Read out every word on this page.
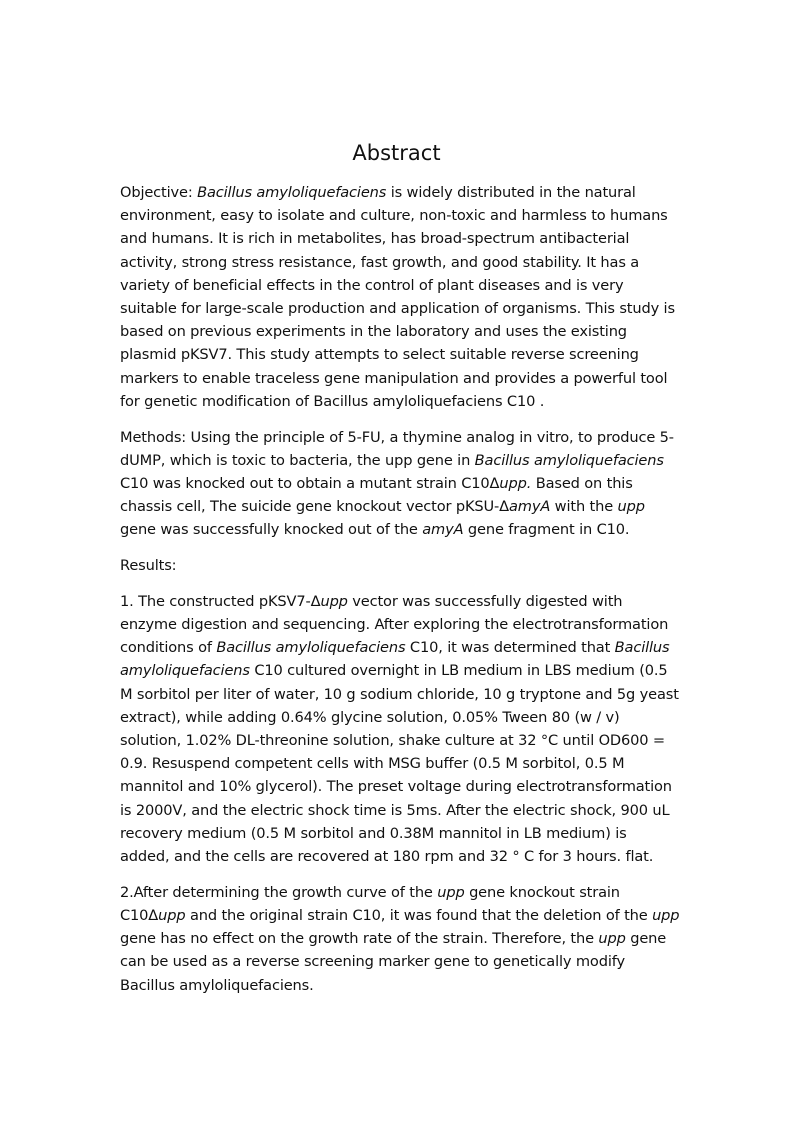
Abstract

Objective: Bacillus amyloliquefaciens is widely distributed in the natural environment, easy to isolate and culture, non-toxic and harmless to humans and humans. It is rich in metabolites, has broad-spectrum antibacterial activity, strong stress resistance, fast growth, and good stability. It has a variety of beneficial effects in the control of plant diseases and is very suitable for large-scale production and application of organisms. This study is based on previous experiments in the laboratory and uses the existing plasmid pKSV7. This study attempts to select suitable reverse screening markers to enable traceless gene manipulation and provides a powerful tool for genetic modification of Bacillus amyloliquefaciens C10 .

Methods: Using the principle of 5-FU, a thymine analog in vitro, to produce 5-dUMP, which is toxic to bacteria, the upp gene in Bacillus amyloliquefaciens C10 was knocked out to obtain a mutant strain C10Δupp. Based on this chassis cell, The suicide gene knockout vector pKSU-ΔamyA with the upp gene was successfully knocked out of the amyA gene fragment in C10.

Results:

1. The constructed pKSV7-Δupp vector was successfully digested with enzyme digestion and sequencing. After exploring the electrotransformation conditions of Bacillus amyloliquefaciens C10, it was determined that Bacillus amyloliquefaciens C10 cultured overnight in LB medium in LBS medium (0.5 M sorbitol per liter of water, 10 g sodium chloride, 10 g tryptone and 5g yeast extract), while adding 0.64% glycine solution, 0.05% Tween 80 (w / v) solution, 1.02% DL-threonine solution, shake culture at 32 °C until OD600 = 0.9. Resuspend competent cells with MSG buffer (0.5 M sorbitol, 0.5 M mannitol and 10% glycerol). The preset voltage during electrotransformation is 2000V, and the electric shock time is 5ms. After the electric shock, 900 uL recovery medium (0.5 M sorbitol and 0.38M mannitol in LB medium) is added, and the cells are recovered at 180 rpm and 32 ° C for 3 hours. flat.

2.After determining the growth curve of the upp gene knockout strain C10Δupp and the original strain C10, it was found that the deletion of the upp gene has no effect on the growth rate of the strain. Therefore, the upp gene can be used as a reverse screening marker gene to genetically modify Bacillus amyloliquefaciens.
